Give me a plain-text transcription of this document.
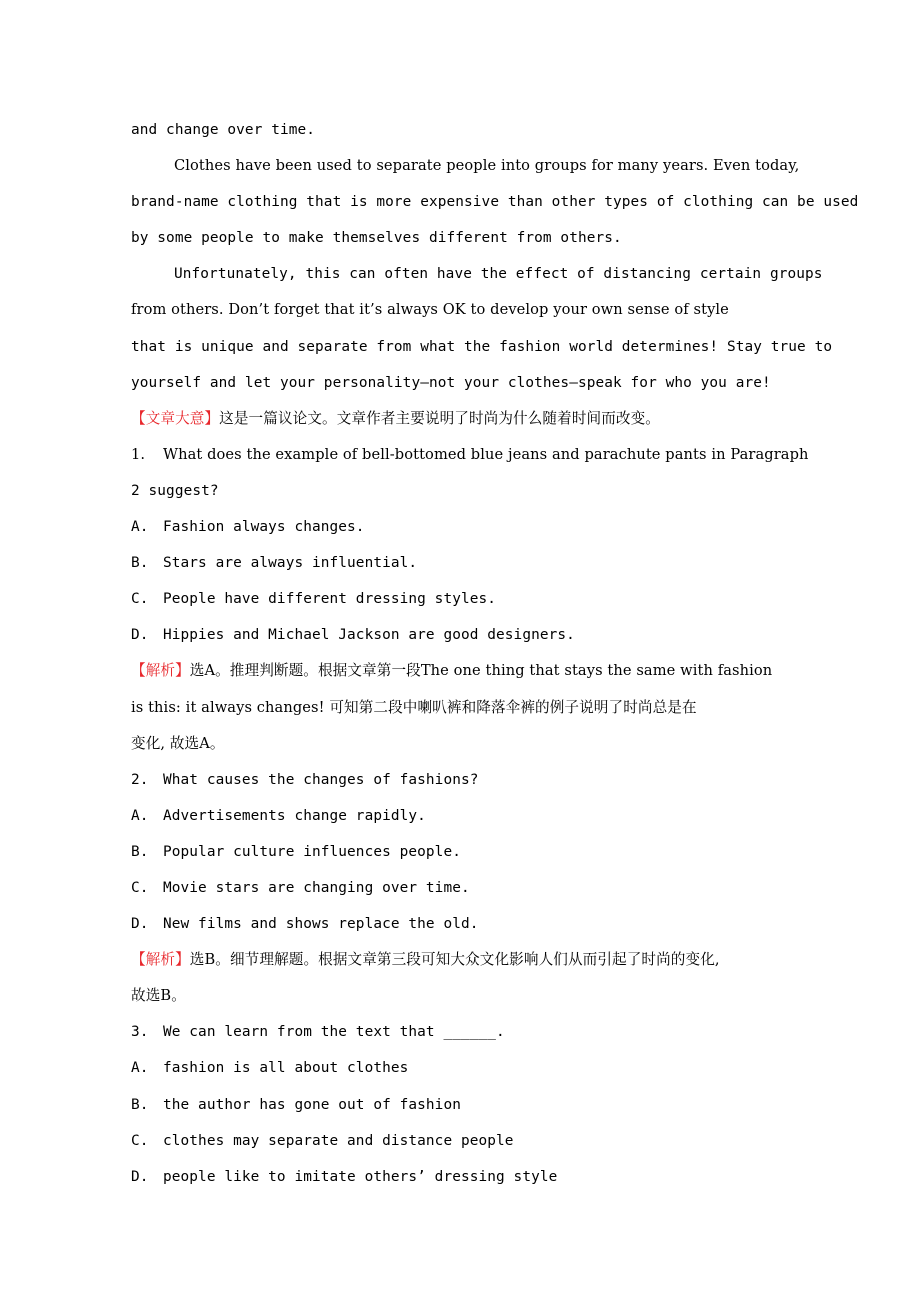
and change over time.
Clothes have been used to separate people into groups for many years. Even today,
brand-name clothing that is more expensive than other types of clothing can be used
by some people to make themselves different from others.
Unfortunately, this can often have the effect of distancing certain groups
from others. Don’t forget that it’s always OK to develop your own sense of style
that is unique and separate from what the fashion world determines! Stay true to
yourself and let your personality—not your clothes—speak for who you are!
【文章大意】这是一篇议论文。文章作者主要说明了时尚为什么随着时间而改变。
1. What does the example of bell-bottomed blue jeans and parachute pants in Paragraph
2 suggest?
A. Fashion always changes.
B. Stars are always influential.
C. People have different dressing styles.
D. Hippies and Michael Jackson are good designers.
【解析】选A。推理判断题。根据文章第一段The one thing that stays the same with fashion
is this: it always changes! 可知第二段中喇叭裤和降落伞裤的例子说明了时尚总是在
变化, 故选A。
2. What causes the changes of fashions?
A. Advertisements change rapidly.
B. Popular culture influences people.
C. Movie stars are changing over time.
D. New films and shows replace the old.
【解析】选B。细节理解题。根据文章第三段可知大众文化影响人们从而引起了时尚的变化,
故选B。
3. We can learn from the text that ______.
A. fashion is all about clothes
B. the author has gone out of fashion
C. clothes may separate and distance people
D. people like to imitate others’ dressing style
